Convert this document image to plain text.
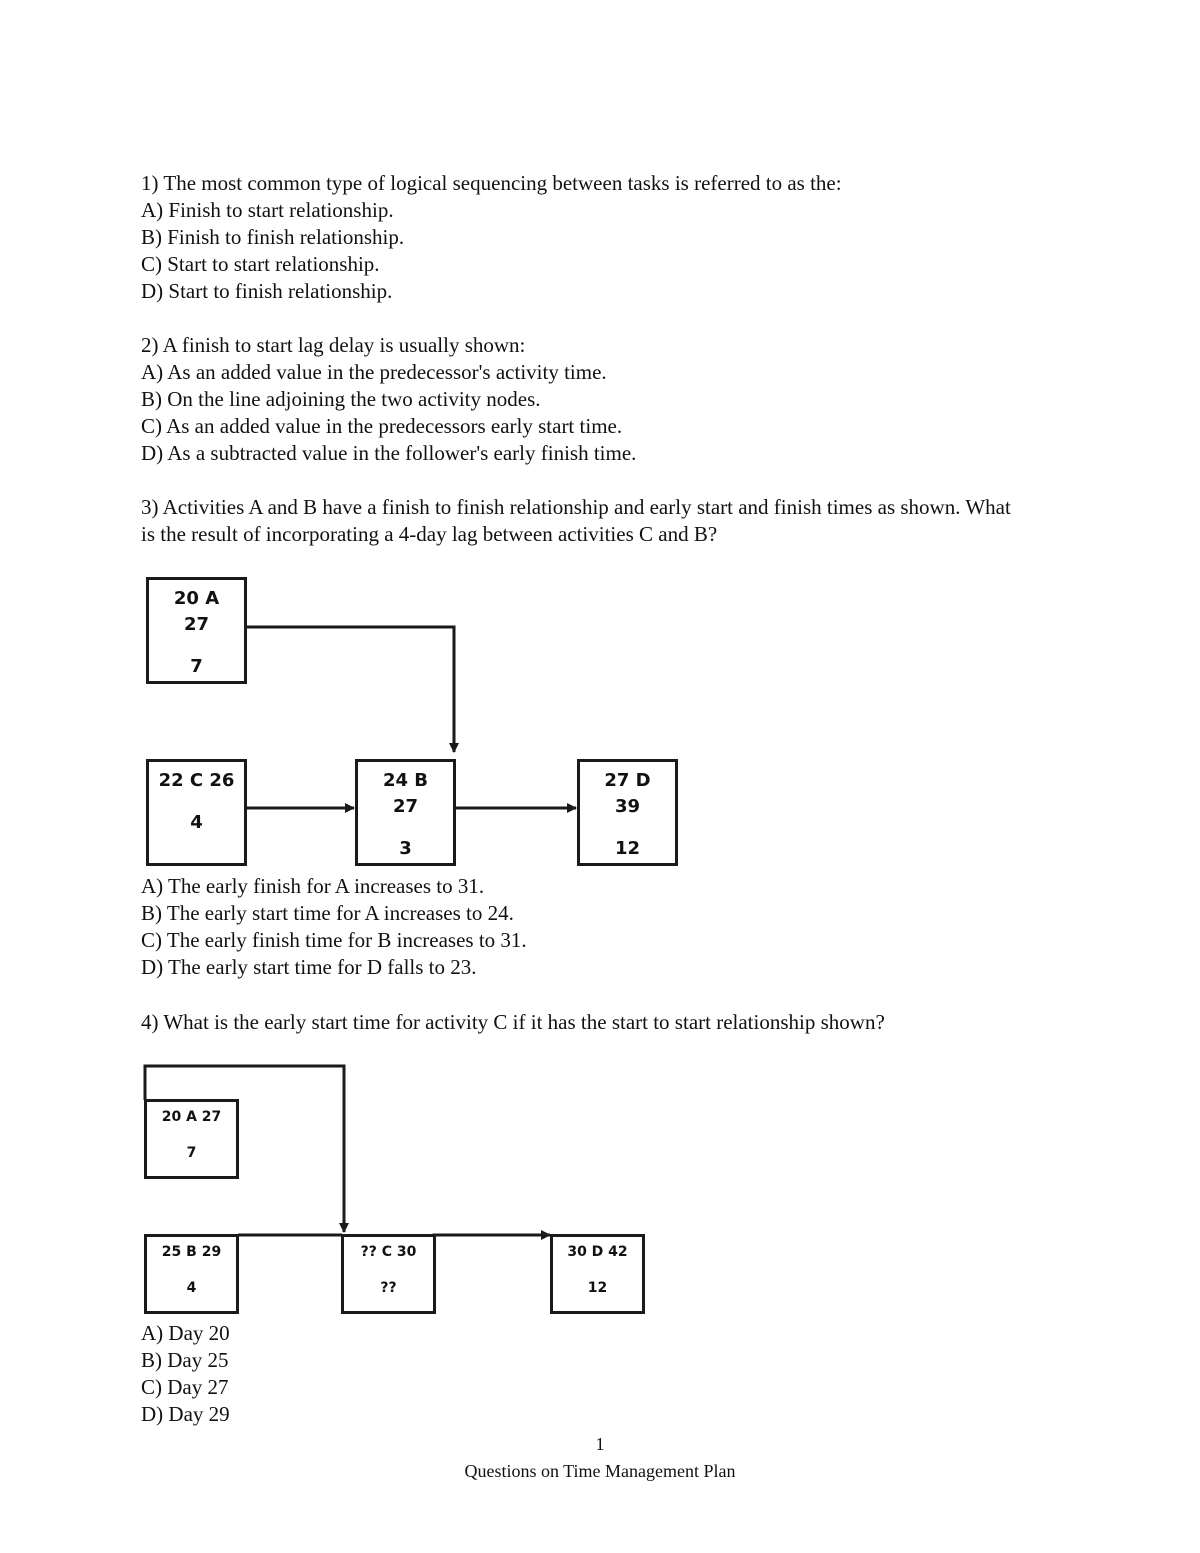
1) The most common type of logical sequencing between tasks is referred to as the:
A) Finish to start relationship.
B) Finish to finish relationship.
C) Start to start relationship.
D) Start to finish relationship.
2) A finish to start lag delay is usually shown:
A) As an added value in the predecessor's activity time.
B) On the line adjoining the two activity nodes.
C) As an added value in the predecessors early start time.
D) As a subtracted value in the follower's early finish time.
3) Activities A and B have a finish to finish relationship and early start and finish times as shown. What is the result of incorporating a 4-day lag between activities C and B?
20 A
27
7
22 C 26
4
24 B
27
3
27 D
39
12
A) The early finish for A increases to 31.
B) The early start time for A increases to 24.
C) The early finish time for B increases to 31.
D) The early start time for D falls to 23.
4) What is the early start time for activity C if it has the start to start relationship shown?
20 A 27
7
25 B 29
4
?? C 30
??
30 D 42
12
A) Day 20
B) Day 25
C) Day 27
D) Day 29
1
Questions on Time Management Plan
